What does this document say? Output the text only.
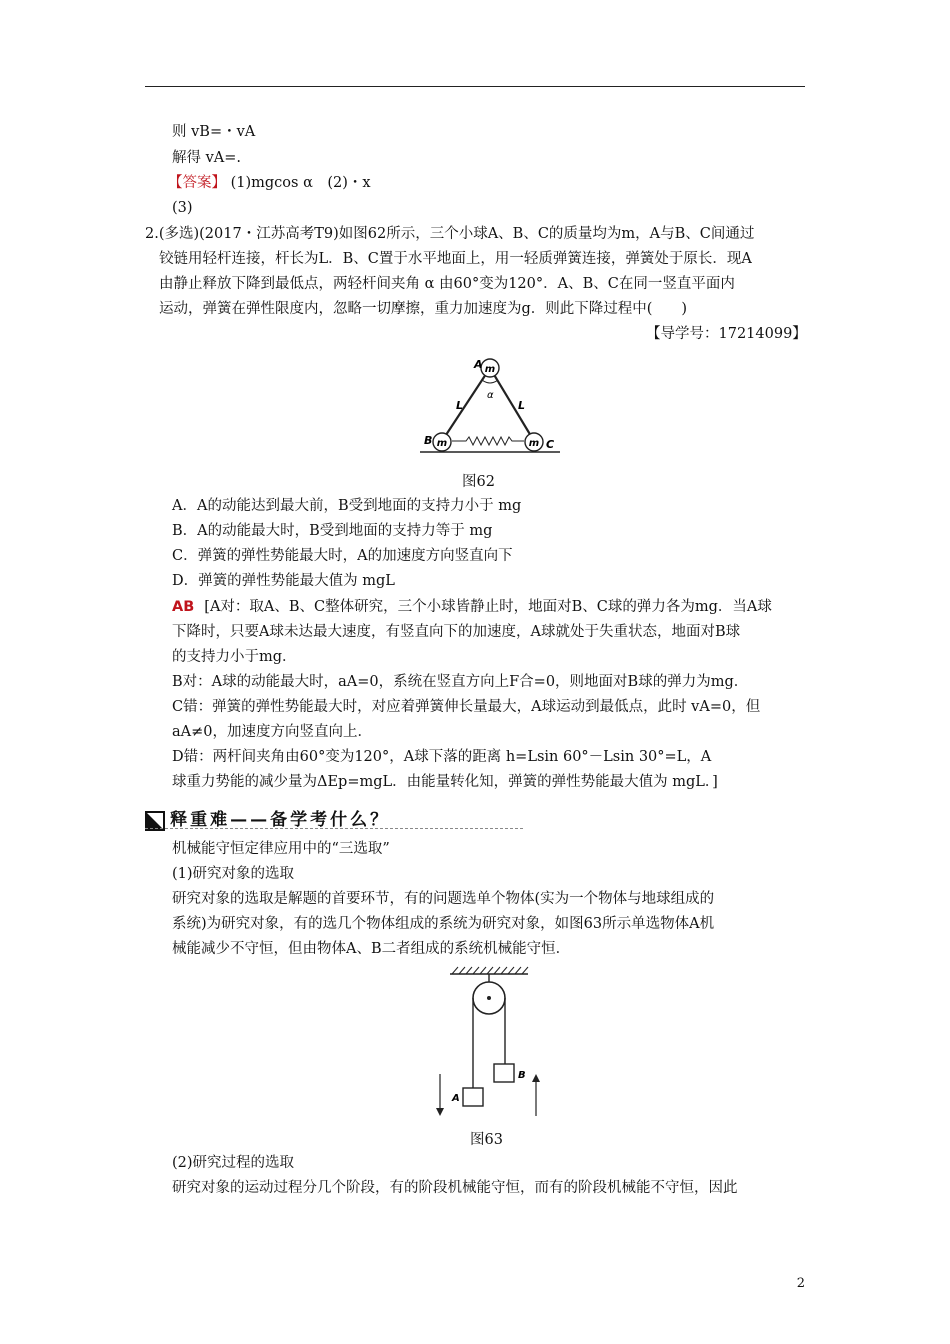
则 vB=・vA
解得 vA=.
【答案】 (1)mgcos α　(2)・x
(3)
2.(多选)(2017・江苏高考T9)如图62所示，三个小球A、B、C的质量均为m，A与B、C间通过
铰链用轻杆连接，杆长为L．B、C置于水平地面上，用一轻质弹簧连接，弹簧处于原长．现A
由静止释放下降到最低点，两轻杆间夹角 α 由60°变为120°．A、B、C在同一竖直平面内
运动，弹簧在弹性限度内，忽略一切摩擦，重力加速度为g．则此下降过程中(　　)
【导学号：17214099】
m
m	m
A
B	C
L	L
α
图62
A．A的动能达到最大前，B受到地面的支持力小于 mg
B．A的动能最大时，B受到地面的支持力等于 mg
C．弹簧的弹性势能最大时，A的加速度方向竖直向下
D．弹簧的弹性势能最大值为 mgL
AB [A对：取A、B、C整体研究，三个小球皆静止时，地面对B、C球的弹力各为mg．当A球
下降时，只要A球未达最大速度，有竖直向下的加速度，A球就处于失重状态，地面对B球
的支持力小于mg．
B对：A球的动能最大时，aA=0，系统在竖直方向上F合=0，则地面对B球的弹力为mg．
C错：弹簧的弹性势能最大时，对应着弹簧伸长量最大，A球运动到最低点，此时 vA=0，但
aA≠0，加速度方向竖直向上．
D错：两杆间夹角由60°变为120°，A球下落的距离 h=Lsin 60°－Lsin 30°=L，A
球重力势能的减少量为ΔEp=mgL．由能量转化知，弹簧的弹性势能最大值为 mgL．]
释重难——备学考什么？
机械能守恒定律应用中的“三选取”
(1)研究对象的选取
研究对象的选取是解题的首要环节，有的问题选单个物体(实为一个物体与地球组成的
系统)为研究对象，有的选几个物体组成的系统为研究对象，如图63所示单选物体A机
械能减少不守恒，但由物体A、B二者组成的系统机械能守恒．
A
B
图63
(2)研究过程的选取
研究对象的运动过程分几个阶段，有的阶段机械能守恒，而有的阶段机械能不守恒，因此
2
